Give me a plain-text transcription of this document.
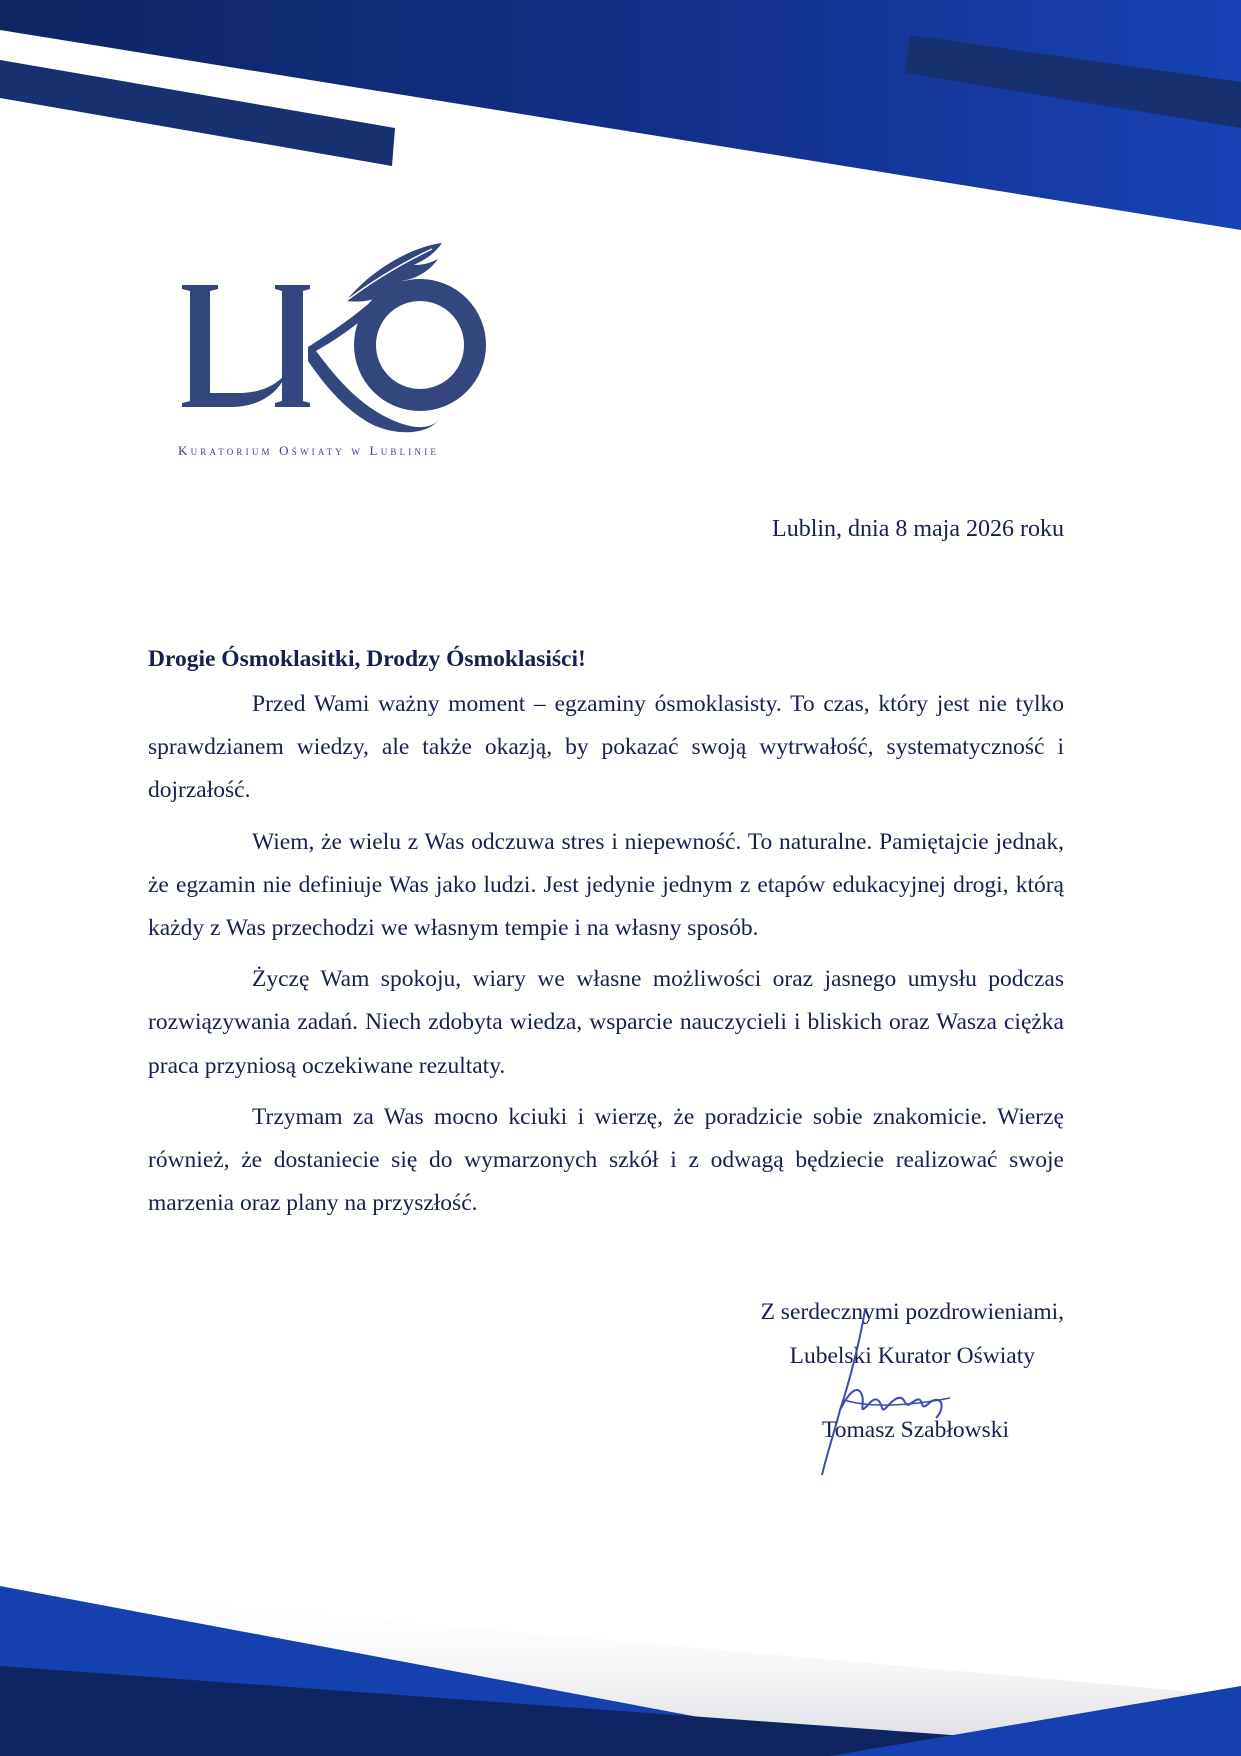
Kuratorium Oświaty w Lublinie
Lublin, dnia 8 maja 2026 roku
Drogie Ósmoklasitki, Drodzy Ósmoklasiści!

Przed Wami ważny moment – egzaminy ósmoklasisty. To czas, który jest nie tylko sprawdzianem wiedzy, ale także okazją, by pokazać swoją wytrwałość, systematyczność i dojrzałość.

Wiem, że wielu z Was odczuwa stres i niepewność. To naturalne. Pamiętajcie jednak, że egzamin nie definiuje Was jako ludzi. Jest jedynie jednym z etapów edukacyjnej drogi, którą każdy z Was przechodzi we własnym tempie i na własny sposób.

Życzę Wam spokoju, wiary we własne możliwości oraz jasnego umysłu podczas rozwiązywania zadań. Niech zdobyta wiedza, wsparcie nauczycieli i bliskich oraz Wasza ciężka praca przyniosą oczekiwane rezultaty.

Trzymam za Was mocno kciuki i wierzę, że poradzicie sobie znakomicie. Wierzę również, że dostaniecie się do wymarzonych szkół i z odwagą będziecie realizować swoje marzenia oraz plany na przyszłość.

Z serdecznymi pozdrowieniami,
Lubelski Kurator Oświaty
Tomasz Szabłowski
